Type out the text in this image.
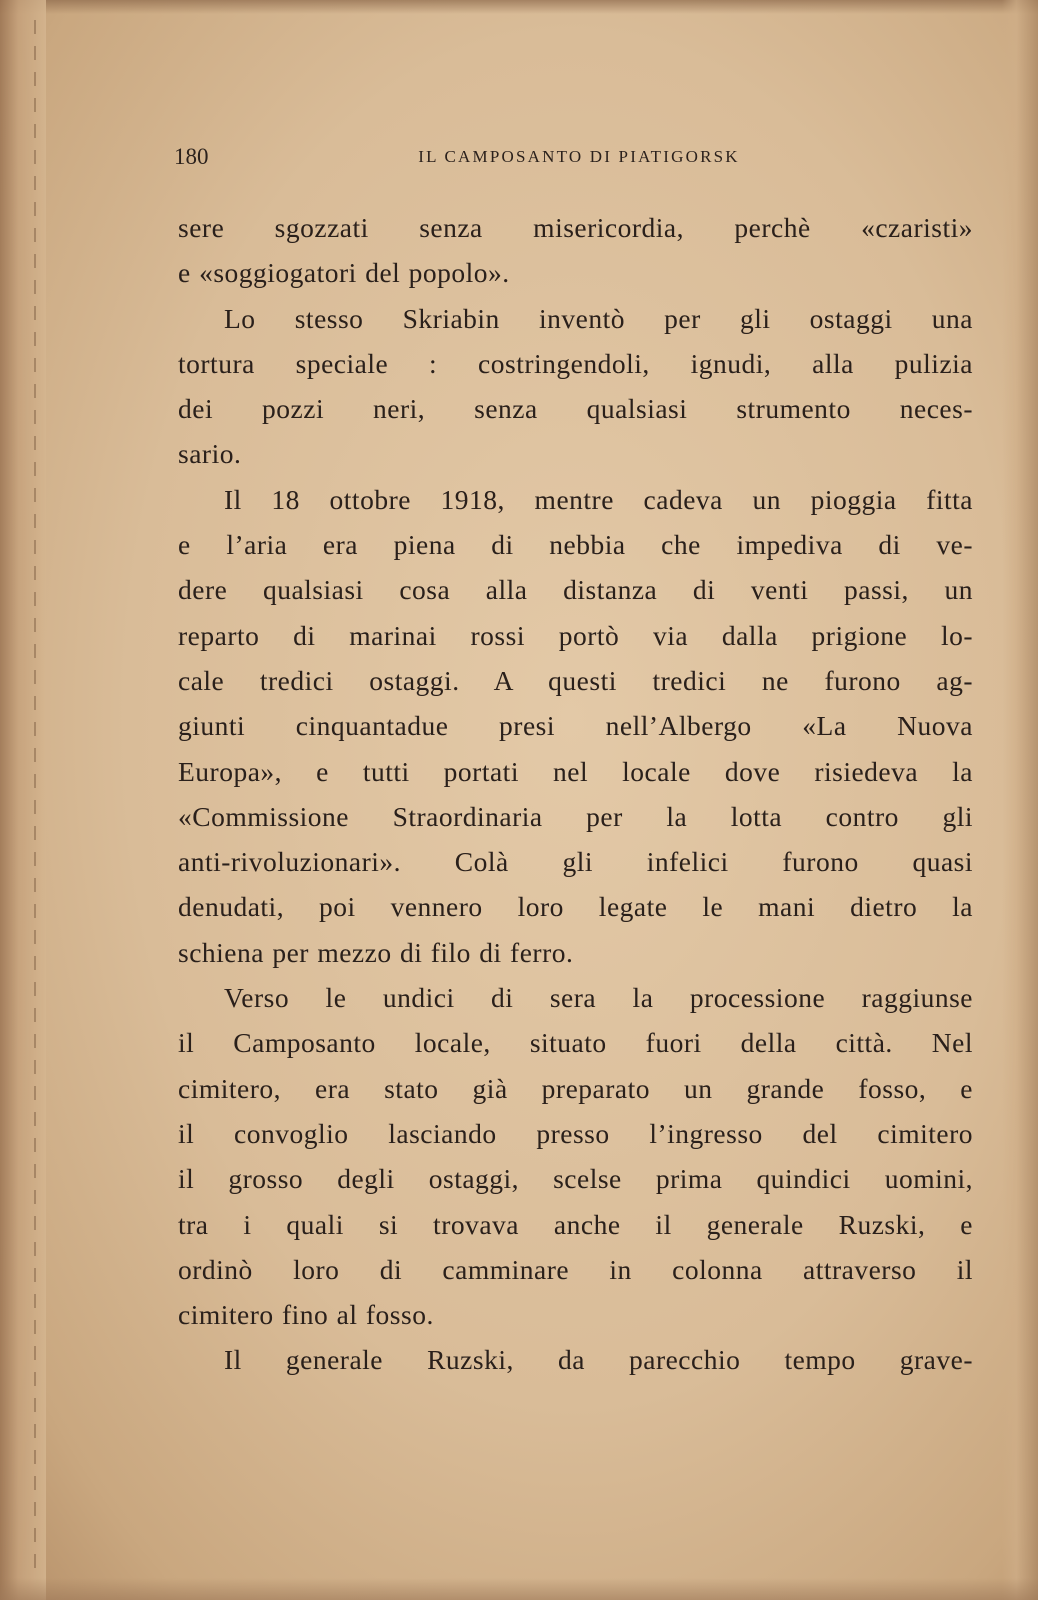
180	IL CAMPOSANTO DI PIATIGORSK
sere sgozzati senza misericordia, perchè «czaristi»
e «soggiogatori del popolo».
Lo stesso Skriabin inventò per gli ostaggi una
tortura speciale : costringendoli, ignudi, alla pulizia
dei pozzi neri, senza qualsiasi strumento neces-
sario.
Il 18 ottobre 1918, mentre cadeva un pioggia fitta
e l’aria era piena di nebbia che impediva di ve-
dere qualsiasi cosa alla distanza di venti passi, un
reparto di marinai rossi portò via dalla prigione lo-
cale tredici ostaggi. A questi tredici ne furono ag-
giunti cinquantadue presi nell’Albergo «La Nuova
Europa», e tutti portati nel locale dove risiedeva la
«Commissione Straordinaria per la lotta contro gli
anti-rivoluzionari». Colà gli infelici furono quasi
denudati, poi vennero loro legate le mani dietro la
schiena per mezzo di filo di ferro.
Verso le undici di sera la processione raggiunse
il Camposanto locale, situato fuori della città. Nel
cimitero, era stato già preparato un grande fosso, e
il convoglio lasciando presso l’ingresso del cimitero
il grosso degli ostaggi, scelse prima quindici uomini,
tra i quali si trovava anche il generale Ruzski, e
ordinò loro di camminare in colonna attraverso il
cimitero fino al fosso.
Il generale Ruzski, da parecchio tempo grave-
